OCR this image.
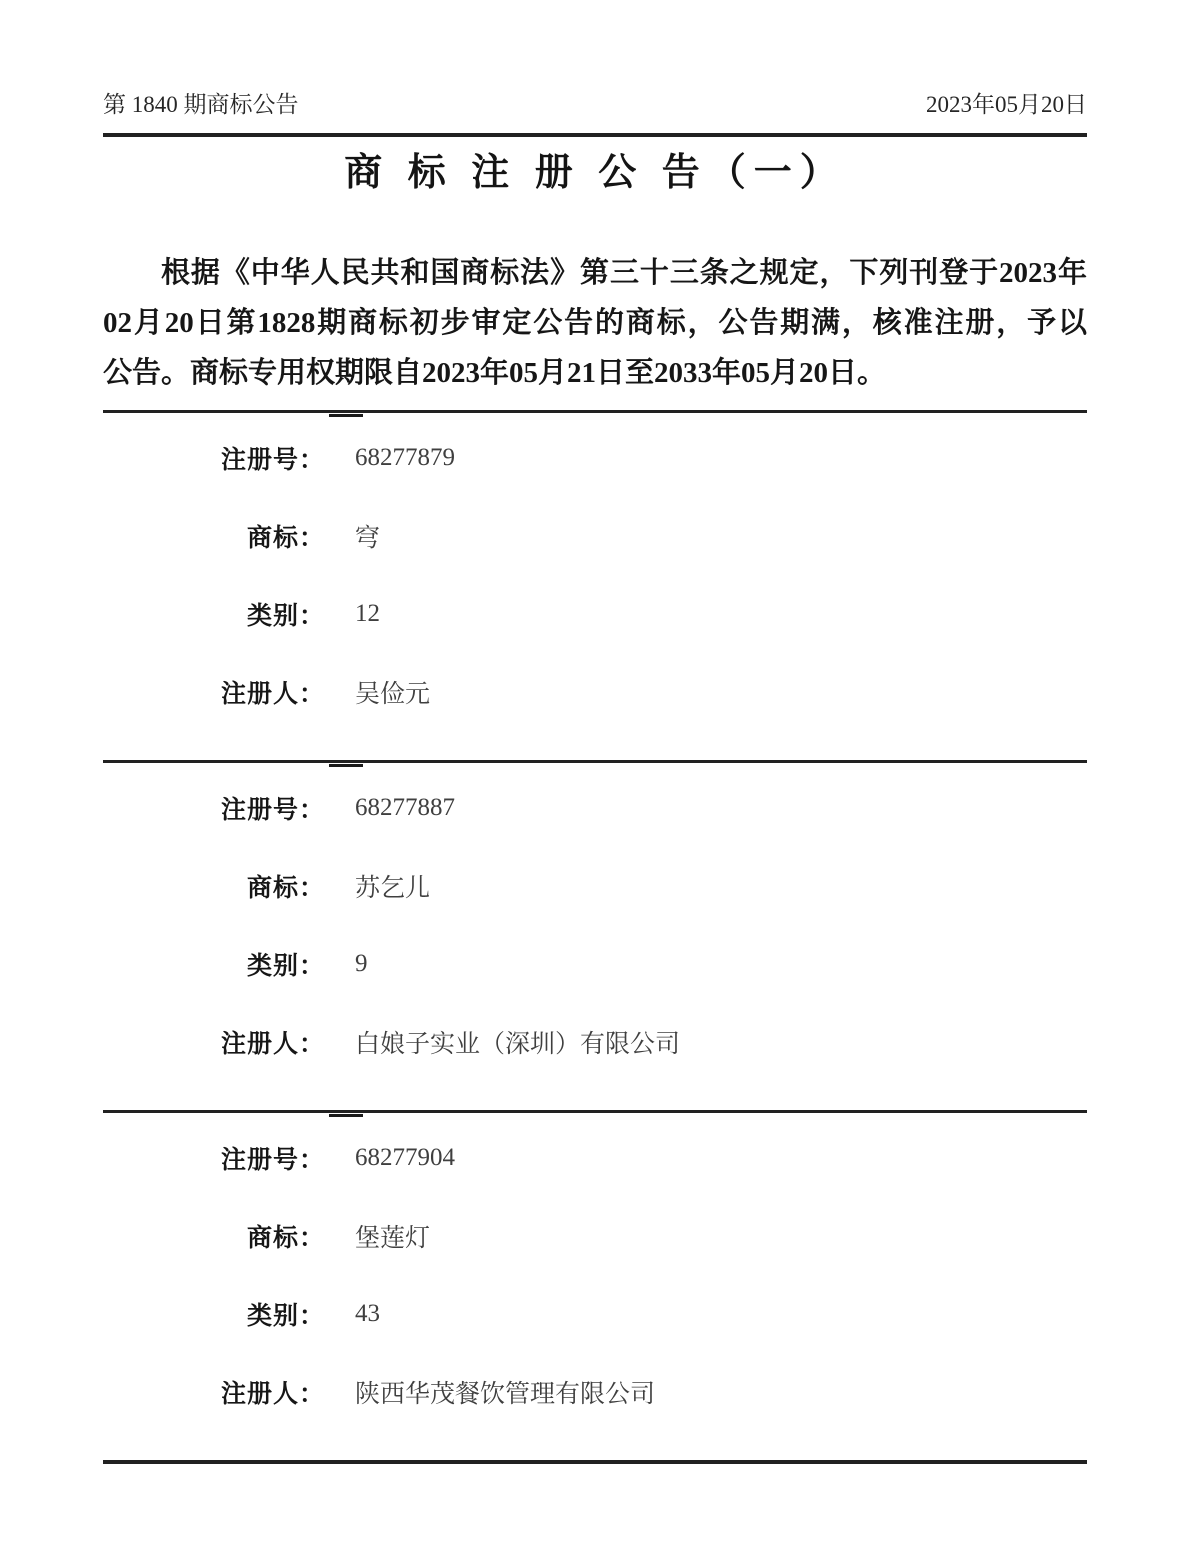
第 1840 期商标公告	2023年05月20日
商 标 注 册 公 告（一）
根据《中华人民共和国商标法》第三十三条之规定，下列刊登于2023年
02月20日第1828期商标初步审定公告的商标，公告期满，核准注册，予以
公告。商标专用权期限自2023年05月21日至2033年05月20日。
注册号： 68277879
商标： 穹
类别： 12
注册人： 吴俭元
注册号： 68277887
商标： 苏乞儿
类别： 9
注册人： 白娘子实业（深圳）有限公司
注册号： 68277904
商标： 堡莲灯
类别： 43
注册人： 陕西华茂餐饮管理有限公司
